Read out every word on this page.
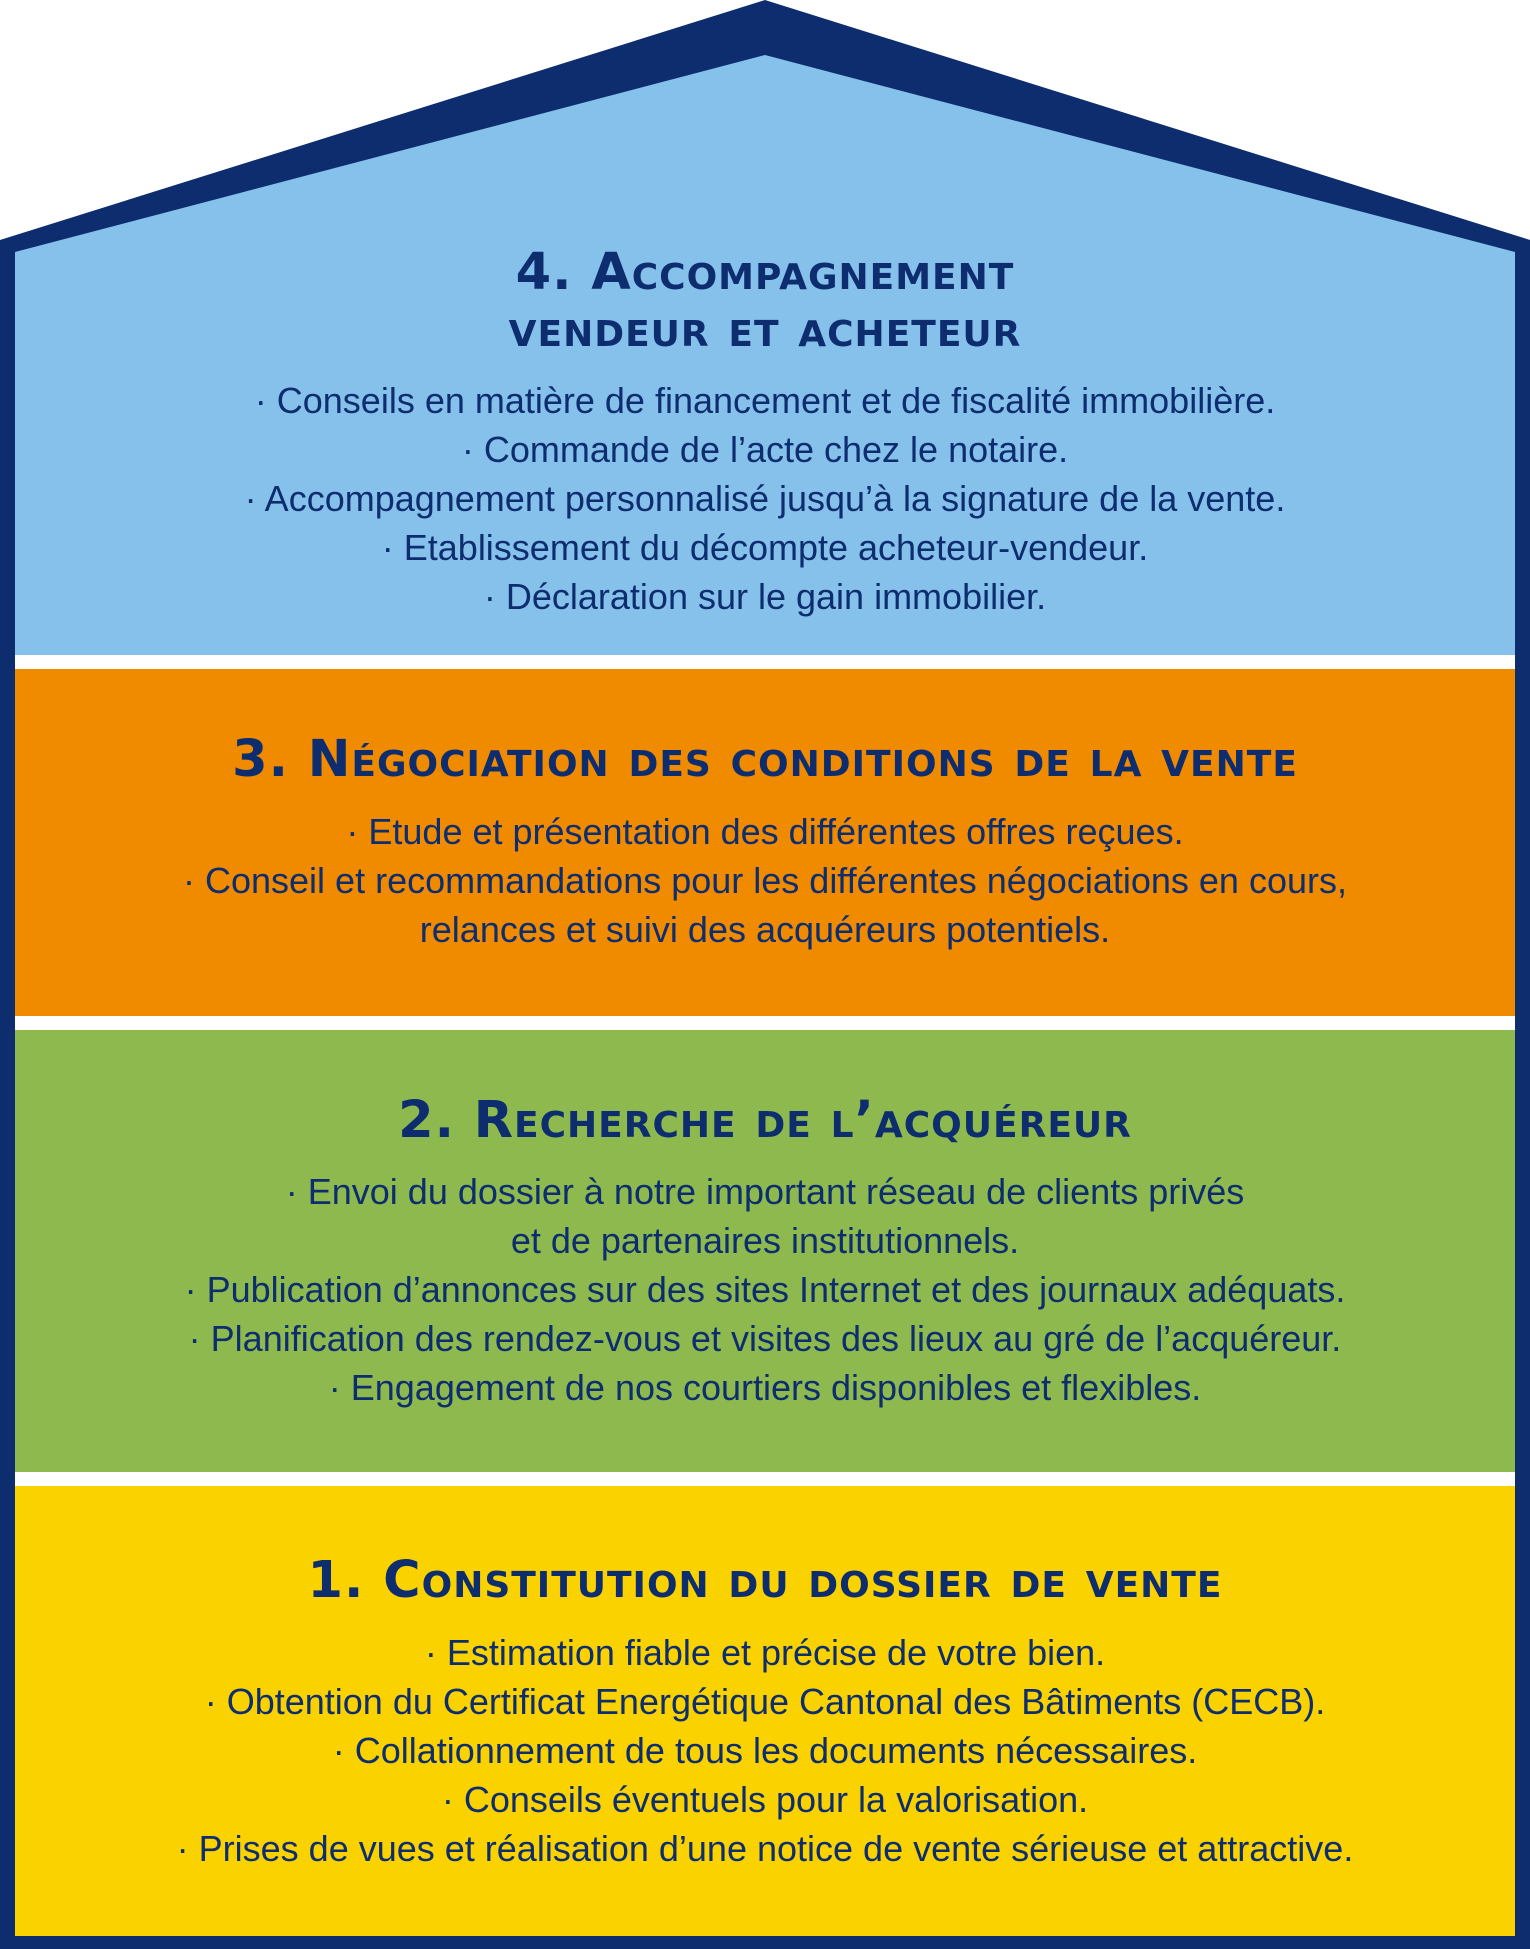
4. Accompagnement
vendeur et acheteur
· Conseils en matière de financement et de fiscalité immobilière.
· Commande de l’acte chez le notaire.
· Accompagnement personnalisé jusqu’à la signature de la vente.
· Etablissement du décompte acheteur-vendeur.
· Déclaration sur le gain immobilier.
3. Négociation des conditions de la vente
· Etude et présentation des différentes offres reçues.
· Conseil et recommandations pour les différentes négociations en cours,
relances et suivi des acquéreurs potentiels.
2. Recherche de l’acquéreur
· Envoi du dossier à notre important réseau de clients privés
et de partenaires institutionnels.
· Publication d’annonces sur des sites Internet et des journaux adéquats.
· Planification des rendez-vous et visites des lieux au gré de l’acquéreur.
· Engagement de nos courtiers disponibles et flexibles.
1. Constitution du dossier de vente
· Estimation fiable et précise de votre bien.
· Obtention du Certificat Energétique Cantonal des Bâtiments (CECB).
· Collationnement de tous les documents nécessaires.
· Conseils éventuels pour la valorisation.
· Prises de vues et réalisation d’une notice de vente sérieuse et attractive.
